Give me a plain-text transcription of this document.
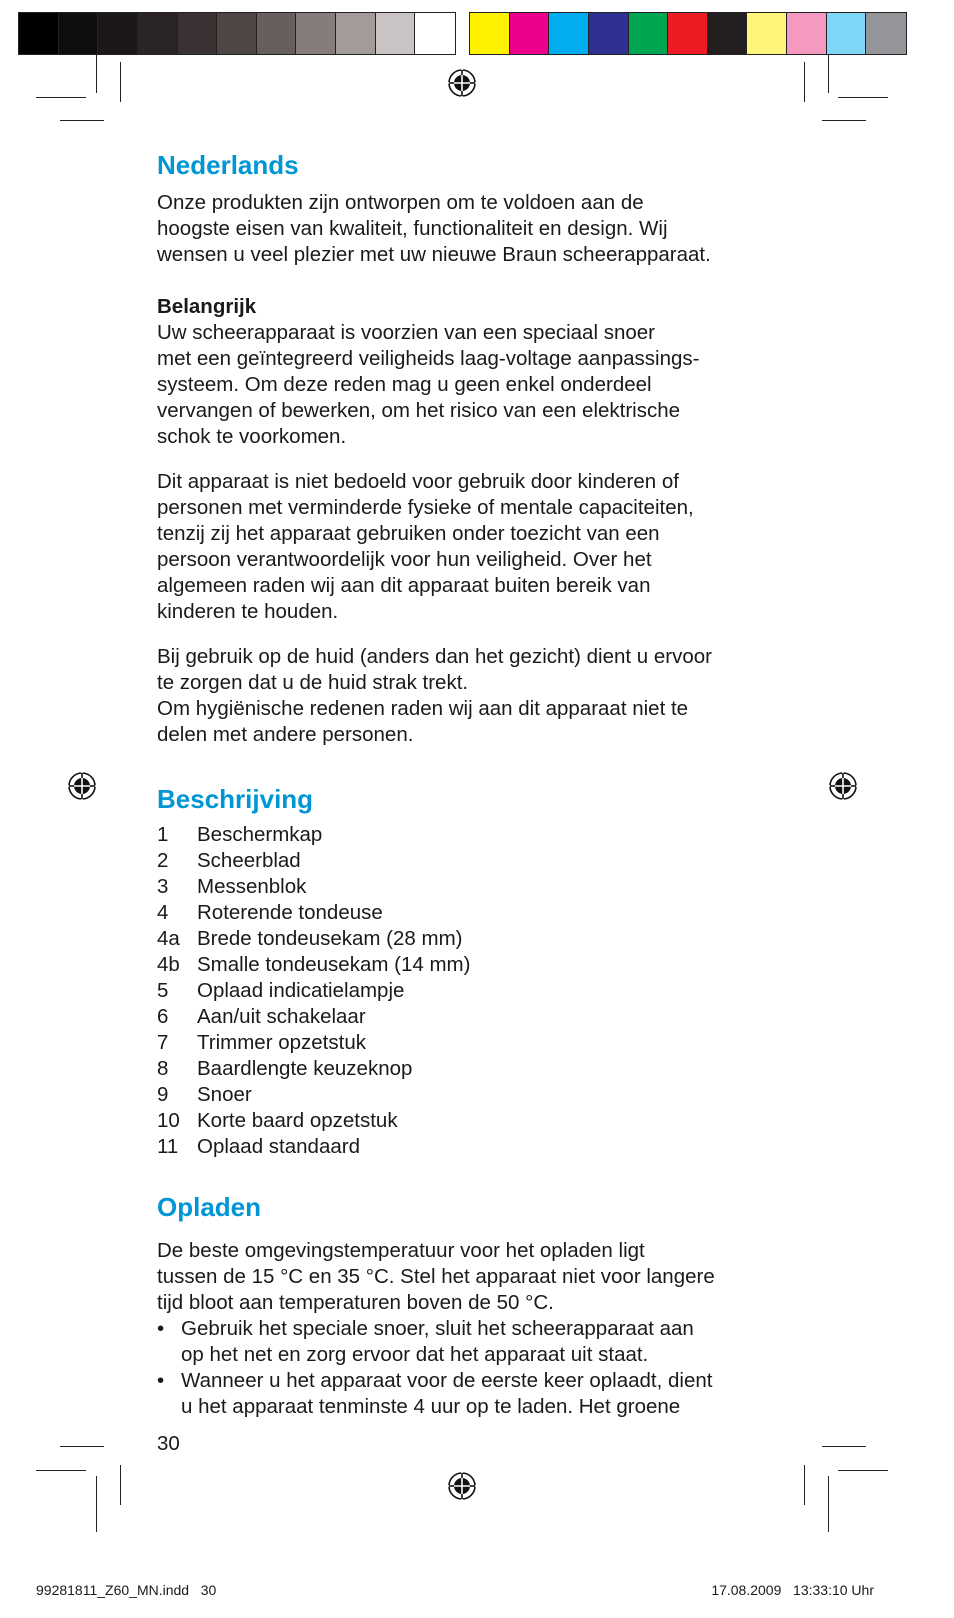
Nederlands

Onze produkten zijn ontworpen om te voldoen aan de

hoogste eisen van kwaliteit, functionaliteit en design. Wij

wensen u veel plezier met uw nieuwe Braun scheerapparaat.

Belangrijk

Uw scheerapparaat is voorzien van een speciaal snoer

met een geïntegreerd veiligheids laag-voltage aanpassings-

systeem. Om deze reden mag u geen enkel onderdeel

vervangen of bewerken, om het risico van een elektrische

schok te voorkomen.

Dit apparaat is niet bedoeld voor gebruik door kinderen of

personen met verminderde fysieke of mentale capaciteiten,

tenzij zij het apparaat gebruiken onder toezicht van een

persoon verantwoordelijk voor hun veiligheid. Over het

algemeen raden wij aan dit apparaat buiten bereik van

kinderen te houden.

Bij gebruik op de huid (anders dan het gezicht) dient u ervoor

te zorgen dat u de huid strak trekt.

Om hygiënische redenen raden wij aan dit apparaat niet te

delen met andere personen.

Beschrijving
1	Beschermkap
2	Scheerblad
3	Messenblok
4	Roterende tondeuse
4a Brede tondeusekam (28 mm)
4b Smalle tondeusekam (14 mm)
5	Oplaad indicatielampje
6	Aan/uit schakelaar
7	Trimmer opzetstuk
8	Baardlengte keuzeknop
9	Snoer
10 Korte baard opzetstuk
11 Oplaad standaard
Opladen

De beste omgevingstemperatuur voor het opladen ligt

tussen de 15 °C en 35 °C. Stel het apparaat niet voor langere

tijd bloot aan temperaturen boven de 50 °C.

• Gebruik het speciale snoer, sluit het scheerapparaat aan
op het net en zorg ervoor dat het apparaat uit staat.
• Wanneer u het apparaat voor de eerste keer oplaadt, dient
u het apparaat tenminste 4 uur op te laden. Het groene
30
99281811_Z60_MN.indd   30	17.08.2009   13:33:10 Uhr
